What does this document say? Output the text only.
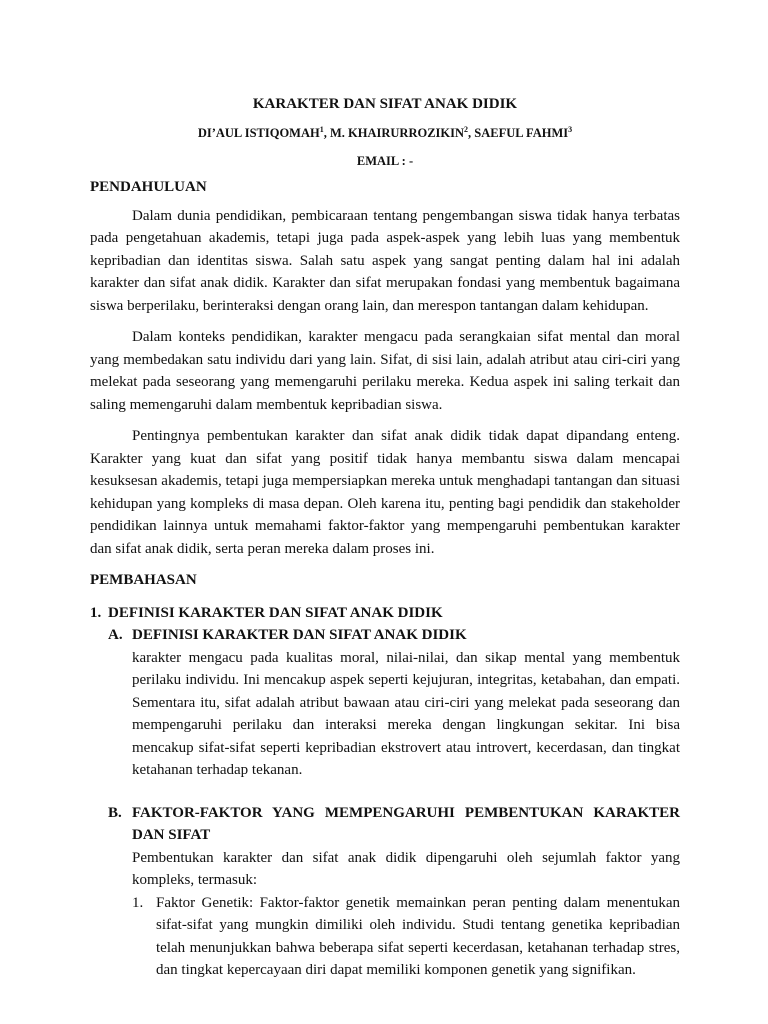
KARAKTER DAN SIFAT ANAK DIDIK
DI’AUL ISTIQOMAH$^1$, M. KHAIRURROZIKIN$^2$, SAEFUL FAHMI$^3$
EMAIL : -
PENDAHULUAN

Dalam dunia pendidikan, pembicaraan tentang pengembangan siswa tidak hanya terbatas pada pengetahuan akademis, tetapi juga pada aspek-aspek yang lebih luas yang membentuk kepribadian dan identitas siswa. Salah satu aspek yang sangat penting dalam hal ini adalah karakter dan sifat anak didik. Karakter dan sifat merupakan fondasi yang membentuk bagaimana siswa berperilaku, berinteraksi dengan orang lain, dan merespon tantangan dalam kehidupan.

Dalam konteks pendidikan, karakter mengacu pada serangkaian sifat mental dan moral yang membedakan satu individu dari yang lain. Sifat, di sisi lain, adalah atribut atau ciri-ciri yang melekat pada seseorang yang memengaruhi perilaku mereka. Kedua aspek ini saling terkait dan saling memengaruhi dalam membentuk kepribadian siswa.

Pentingnya pembentukan karakter dan sifat anak didik tidak dapat dipandang enteng. Karakter yang kuat dan sifat yang positif tidak hanya membantu siswa dalam mencapai kesuksesan akademis, tetapi juga mempersiapkan mereka untuk menghadapi tantangan dan situasi kehidupan yang kompleks di masa depan. Oleh karena itu, penting bagi pendidik dan stakeholder pendidikan lainnya untuk memahami faktor-faktor yang mempengaruhi pembentukan karakter dan sifat anak didik, serta peran mereka dalam proses ini.

PEMBAHASAN
1. DEFINISI KARAKTER DAN SIFAT ANAK DIDIK
A. DEFINISI KARAKTER DAN SIFAT ANAK DIDIK
karakter mengacu pada kualitas moral, nilai-nilai, dan sikap mental yang membentuk perilaku individu. Ini mencakup aspek seperti kejujuran, integritas, ketabahan, dan empati. Sementara itu, sifat adalah atribut bawaan atau ciri-ciri yang melekat pada seseorang dan mempengaruhi perilaku dan interaksi mereka dengan lingkungan sekitar. Ini bisa mencakup sifat-sifat seperti kepribadian ekstrovert atau introvert, kecerdasan, dan tingkat ketahanan terhadap tekanan.
B. FAKTOR-FAKTOR YANG MEMPENGARUHI PEMBENTUKAN KARAKTER DAN SIFAT
Pembentukan karakter dan sifat anak didik dipengaruhi oleh sejumlah faktor yang kompleks, termasuk:
1. Faktor Genetik: Faktor-faktor genetik memainkan peran penting dalam menentukan sifat-sifat yang mungkin dimiliki oleh individu. Studi tentang genetika kepribadian telah menunjukkan bahwa beberapa sifat seperti kecerdasan, ketahanan terhadap stres, dan tingkat kepercayaan diri dapat memiliki komponen genetik yang signifikan.
